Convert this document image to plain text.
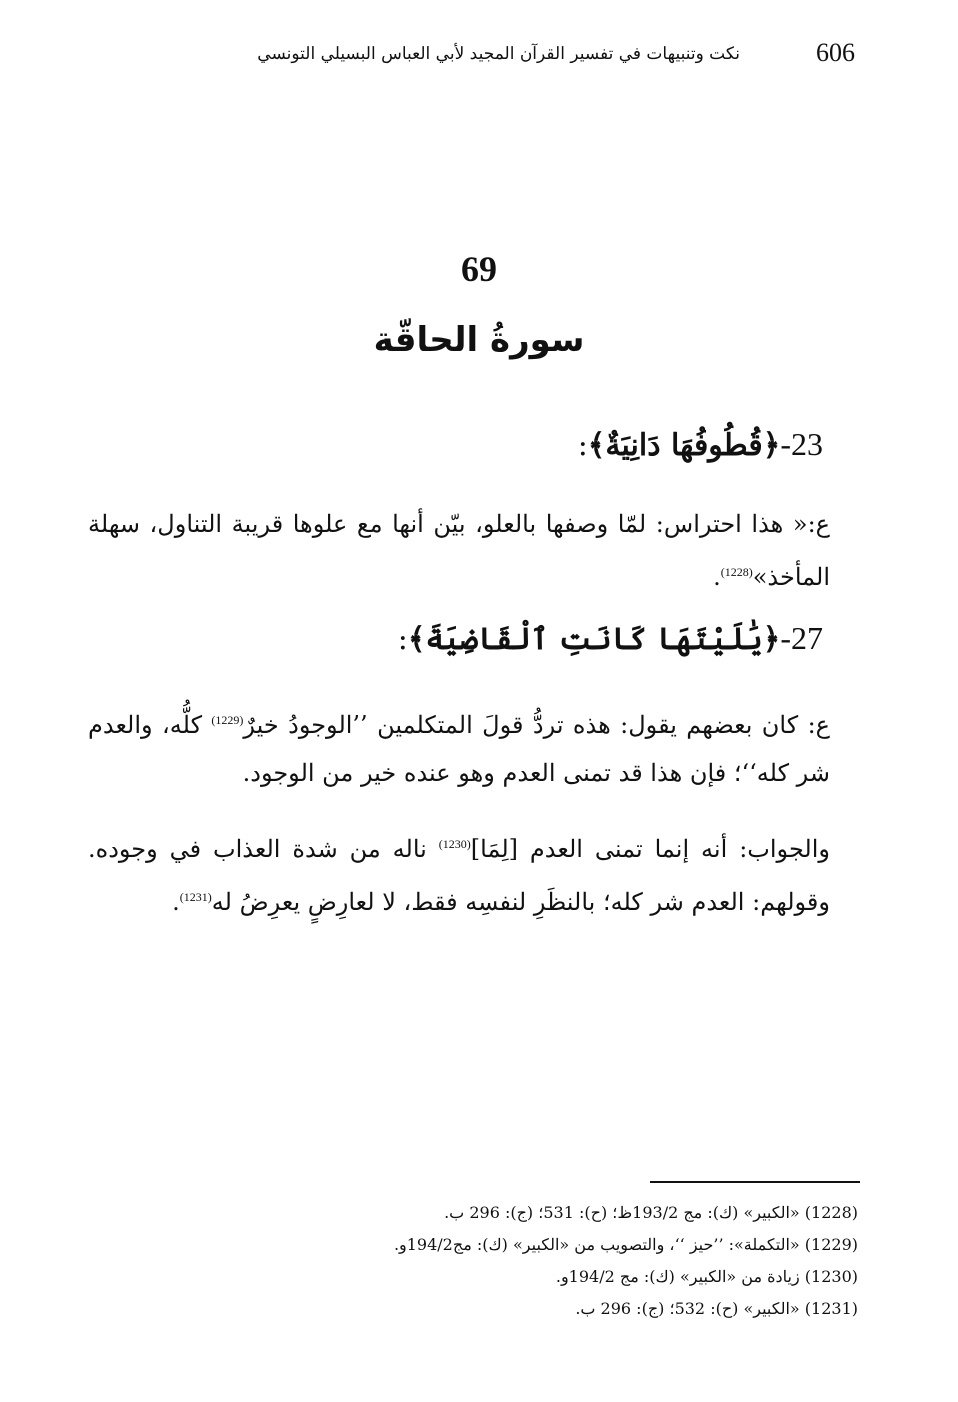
606
نكت وتنبيهات في تفسير القرآن المجيد لأبي العباس البسيلي التونسي
69
سورةُ الحاقّة
23-﴿قُطُوفُهَا دَانِيَةٌ﴾:
ع:« هذا احتراس: لمّا وصفها بالعلو، بيّن أنها مع علوها قريبة التناول، سهلة المأخذ»$^{(1228)}$.
27-﴿يَٰلَيْتَهَا كَانَتِ ٱلْقَاضِيَةَ﴾:
ع: كان بعضهم يقول: هذه تردُّ قولَ المتكلمين ’’الوجودُ خيرٌ$^{(1229)}$ كلُّه، والعدم شر كله‘‘؛ فإن هذا قد تمنى العدم وهو عنده خير من الوجود.
والجواب: أنه إنما تمنى العدم [لِمَا]$^{(1230)}$ ناله من شدة العذاب في وجوده. وقولهم: العدم شر كله؛ بالنظَرِ لنفسِه فقط، لا لعارِضٍ يعرِضُ له$^{(1231)}$.
(1228) «الكبير» (ك): مج 193/2ظ؛ (ح): 531؛ (ج): 296 ب.
(1229) «التكملة»: ’’حيز ‘‘، والتصويب من «الكبير» (ك): مج194/2و.
(1230) زيادة من «الكبير» (ك): مج 194/2و.
(1231) «الكبير» (ح): 532؛ (ج): 296 ب.
